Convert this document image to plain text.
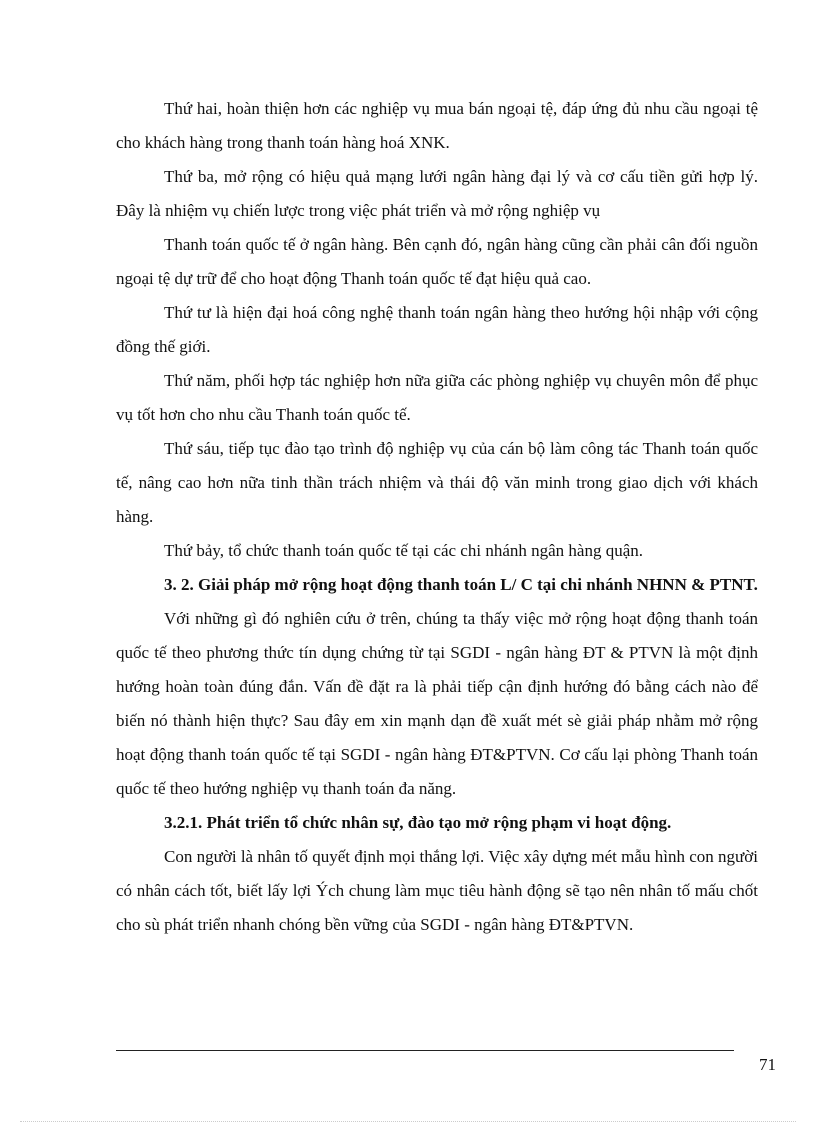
Thứ hai, hoàn thiện hơn các nghiệp vụ mua bán ngoại tệ, đáp ứng đủ nhu cầu ngoại tệ cho khách hàng trong thanh toán hàng hoá XNK.

Thứ ba, mở rộng có hiệu quả mạng lưới ngân hàng đại lý và cơ cấu tiền gửi hợp lý. Đây là nhiệm vụ chiến lược trong việc phát triển và mở rộng nghiệp vụ

Thanh toán quốc tế ở ngân hàng. Bên cạnh đó, ngân hàng cũng cần phải cân đối nguồn ngoại tệ dự trữ để cho hoạt động Thanh toán quốc tế đạt hiệu quả cao.

Thứ tư là hiện đại hoá công nghệ thanh toán ngân hàng theo hướng hội nhập với cộng đồng thế giới.

Thứ năm, phối hợp tác nghiệp hơn nữa giữa các phòng nghiệp vụ chuyên môn để phục vụ tốt hơn cho nhu cầu Thanh toán quốc tế.

Thứ sáu, tiếp tục đào tạo trình độ nghiệp vụ của cán bộ làm công tác Thanh toán quốc tế, nâng cao hơn nữa tinh thần trách nhiệm và thái độ văn minh trong giao dịch với khách hàng.

Thứ bảy, tổ chức thanh toán quốc tế tại các chi nhánh ngân hàng quận.

3. 2. Giải pháp mở rộng hoạt động thanh toán L/ C tại chi nhánh NHNN & PTNT.

Với những gì đó nghiên cứu ở trên, chúng ta thấy việc mở rộng hoạt động thanh toán quốc tế theo phương thức tín dụng chứng từ tại SGDI - ngân hàng ĐT & PTVN là một định hướng hoàn toàn đúng đắn. Vấn đề đặt ra là phải tiếp cận định hướng đó bằng cách nào để biến nó thành hiện thực? Sau đây em xin mạnh dạn đề xuất mét sè giải pháp nhằm mở rộng hoạt động thanh toán quốc tế tại SGDI - ngân hàng ĐT&PTVN. Cơ cấu lại phòng Thanh toán quốc tế theo hướng nghiệp vụ thanh toán đa năng.

3.2.1. Phát triển tổ chức nhân sự, đào tạo mở rộng phạm vi hoạt động.

Con người là nhân tố quyết định mọi thắng lợi. Việc xây dựng mét mẫu hình con người có nhân cách tốt, biết lấy lợi Ých chung làm mục tiêu hành động sẽ tạo nên nhân tố mấu chốt cho sù phát triển nhanh chóng bền vững của SGDI - ngân hàng ĐT&PTVN.

71
